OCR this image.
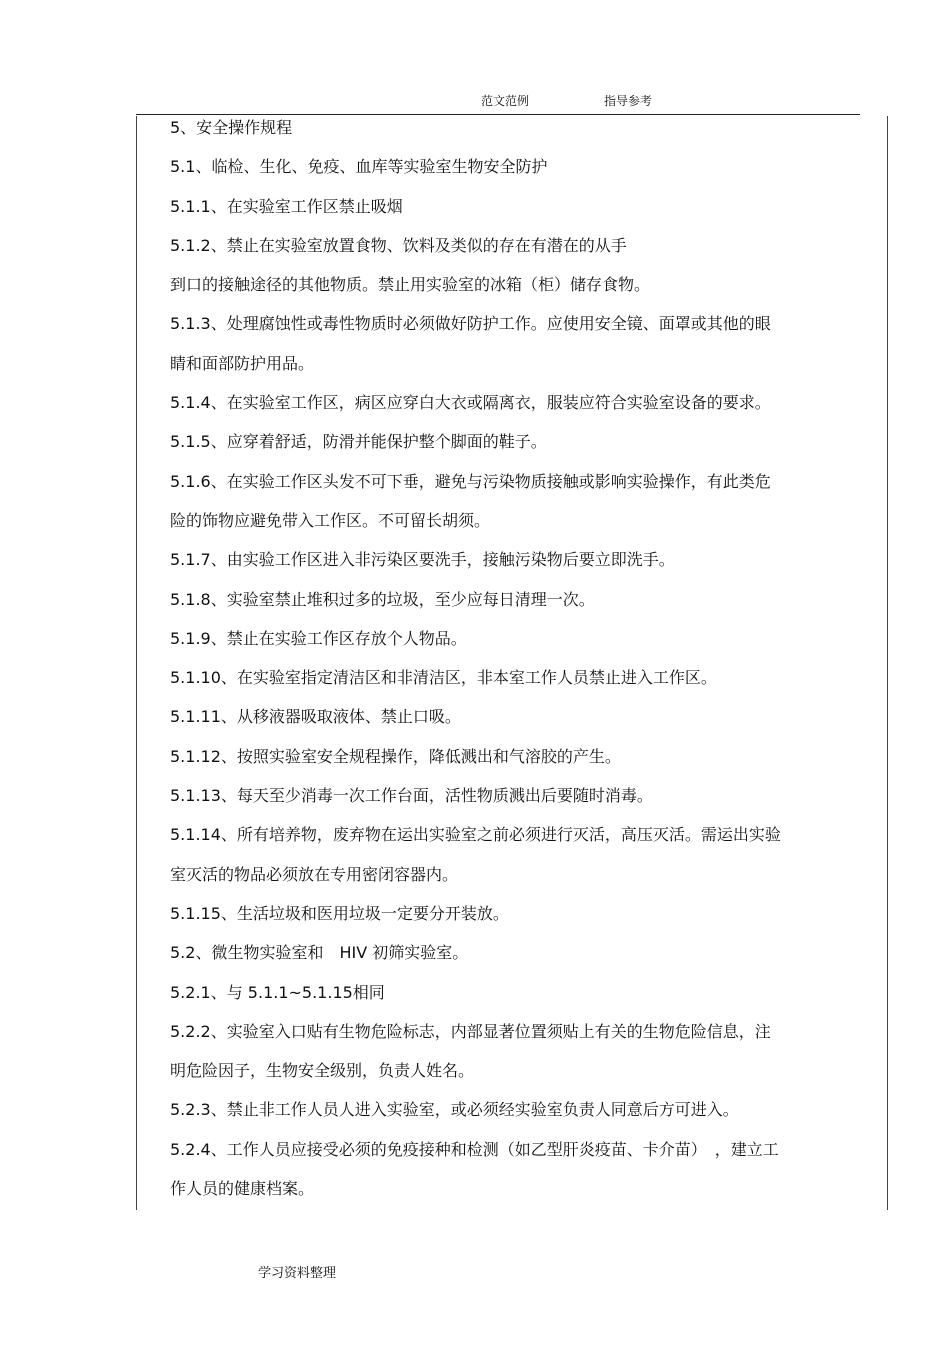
范文范例	指导参考
5、安全操作规程
5.1、临检、生化、免疫、血库等实验室生物安全防护
5.1.1、在实验室工作区禁止吸烟
5.1.2、禁止在实验室放置食物、饮料及类似的存在有潜在的从手
到口的接触途径的其他物质。禁止用实验室的冰箱（柜）储存食物。
5.1.3、处理腐蚀性或毒性物质时必须做好防护工作。应使用安全镜、面罩或其他的眼
睛和面部防护用品。
5.1.4、在实验室工作区，病区应穿白大衣或隔离衣，服装应符合实验室设备的要求。
5.1.5、应穿着舒适，防滑并能保护整个脚面的鞋子。
5.1.6、在实验工作区头发不可下垂，避免与污染物质接触或影响实验操作，有此类危
险的饰物应避免带入工作区。不可留长胡须。
5.1.7、由实验工作区进入非污染区要洗手，接触污染物后要立即洗手。
5.1.8、实验室禁止堆积过多的垃圾，至少应每日清理一次。
5.1.9、禁止在实验工作区存放个人物品。
5.1.10、在实验室指定清洁区和非清洁区，非本室工作人员禁止进入工作区。
5.1.11、从移液器吸取液体、禁止口吸。
5.1.12、按照实验室安全规程操作，降低溅出和气溶胶的产生。
5.1.13、每天至少消毒一次工作台面，活性物质溅出后要随时消毒。
5.1.14、所有培养物，废弃物在运出实验室之前必须进行灭活，高压灭活。需运出实验
室灭活的物品必须放在专用密闭容器内。
5.1.15、生活垃圾和医用垃圾一定要分开装放。
5.2、微生物实验室和　HIV 初筛实验室。
5.2.1、与 5.1.1~5.1.15相同
5.2.2、实验室入口贴有生物危险标志，内部显著位置须贴上有关的生物危险信息，注
明危险因子，生物安全级别，负责人姓名。
5.2.3、禁止非工作人员人进入实验室，或必须经实验室负责人同意后方可进入。
5.2.4、工作人员应接受必须的免疫接种和检测（如乙型肝炎疫苗、卡介苗）　，建立工
作人员的健康档案。
学习资料整理
